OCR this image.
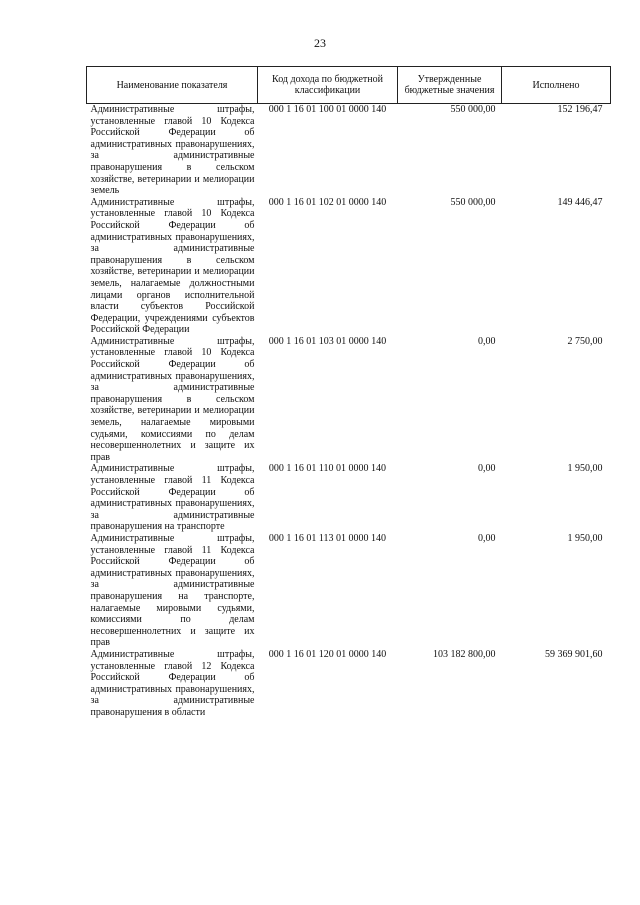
23
Наименование показателя	Код дохода по бюджетной классификации	Утвержденные бюджетные значения	Исполнено
Административные штрафы, установленные главой 10 Кодекса Российской Федерации об административных правонарушениях, за административные правонарушения в сельском хозяйстве, ветеринарии и мелиорации земель	000 1 16 01 100 01 0000 140	550 000,00	152 196,47
Административные штрафы, установленные главой 10 Кодекса Российской Федерации об административных правонарушениях, за административные правонарушения в сельском хозяйстве, ветеринарии и мелиорации земель, налагаемые должностными лицами органов исполнительной власти субъектов Российской Федерации, учреждениями субъектов Российской Федерации	000 1 16 01 102 01 0000 140	550 000,00	149 446,47
Административные штрафы, установленные главой 10 Кодекса Российской Федерации об административных правонарушениях, за административные правонарушения в сельском хозяйстве, ветеринарии и мелиорации земель, налагаемые мировыми судьями, комиссиями по делам несовершеннолетних и защите их прав	000 1 16 01 103 01 0000 140	0,00	2 750,00
Административные штрафы, установленные главой 11 Кодекса Российской Федерации об административных правонарушениях, за административные правонарушения на транспорте	000 1 16 01 110 01 0000 140	0,00	1 950,00
Административные штрафы, установленные главой 11 Кодекса Российской Федерации об административных правонарушениях, за административные правонарушения на транспорте, налагаемые мировыми судьями, комиссиями по делам несовершеннолетних и защите их прав	000 1 16 01 113 01 0000 140	0,00	1 950,00
Административные штрафы, установленные главой 12 Кодекса Российской Федерации об административных правонарушениях, за административные правонарушения в области	000 1 16 01 120 01 0000 140	103 182 800,00	59 369 901,60
